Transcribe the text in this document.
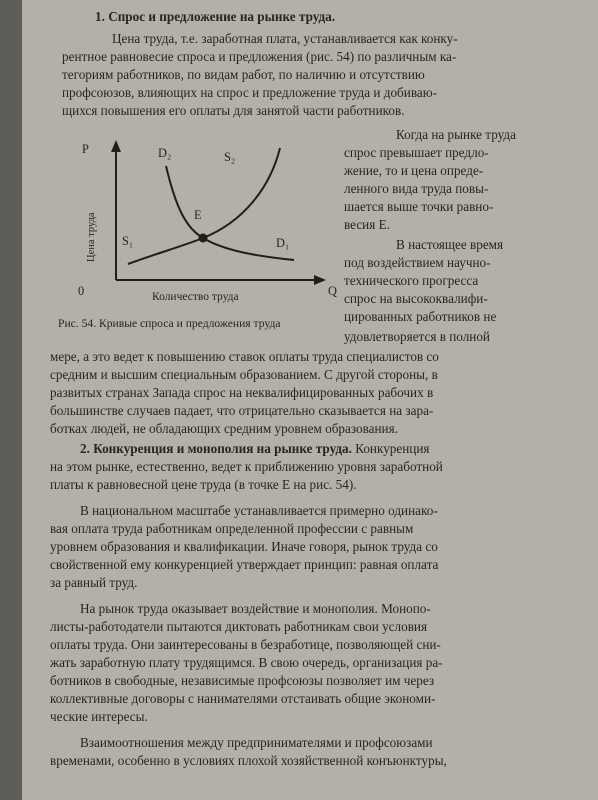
1. Спрос и предложение на рынке труда.
Цена труда, т.е. заработная плата, устанавливается как конку-
рентное равновесие спроса и предложения (рис. 54) по различным ка-
тегориям работников, по видам работ, по наличию и отсутствию
профсоюзов, влияющих на спрос и предложение труда и добиваю-
щихся повышения его оплаты для занятой части работников.
P
Q
0
Цена труда
Количество труда
D₂	S₂
E
S₁	D₁
Рис. 54. Кривые спроса и предложения труда
Когда на рынке труда
спрос превышает предло-
жение, то и цена опреде-
ленного вида труда повы-
шается выше точки равно-
весия Е.
В настоящее время
под воздействием научно-
технического прогресса
спрос на высококвалифи-
цированных работников не
удовлетворяется в полной
мере, а это ведет к повышению ставок оплаты труда специалистов со
средним и высшим специальным образованием. С другой стороны, в
развитых странах Запада спрос на неквалифицированных рабочих в
большинстве случаев падает, что отрицательно сказывается на зара-
ботках людей, не обладающих средним уровнем образования.
2. Конкуренция и монополия на рынке труда. Конкуренция
на этом рынке, естественно, ведет к приближению уровня заработной
платы к равновесной цене труда (в точке Е на рис. 54).
В национальном масштабе устанавливается примерно одинако-
вая оплата труда работникам определенной профессии с равным
уровнем образования и квалификации. Иначе говоря, рынок труда со
свойственной ему конкуренцией утверждает принцип: равная оплата
за равный труд.
На рынок труда оказывает воздействие и монополия. Монопо-
листы-работодатели пытаются диктовать работникам свои условия
оплаты труда. Они заинтересованы в безработице, позволяющей сни-
жать заработную плату трудящимся. В свою очередь, организация ра-
ботников в свободные, независимые профсоюзы позволяет им через
коллективные договоры с нанимателями отстаивать общие экономи-
ческие интересы.
Взаимоотношения между предпринимателями и профсоюзами
временами, особенно в условиях плохой хозяйственной конъюнктуры,
